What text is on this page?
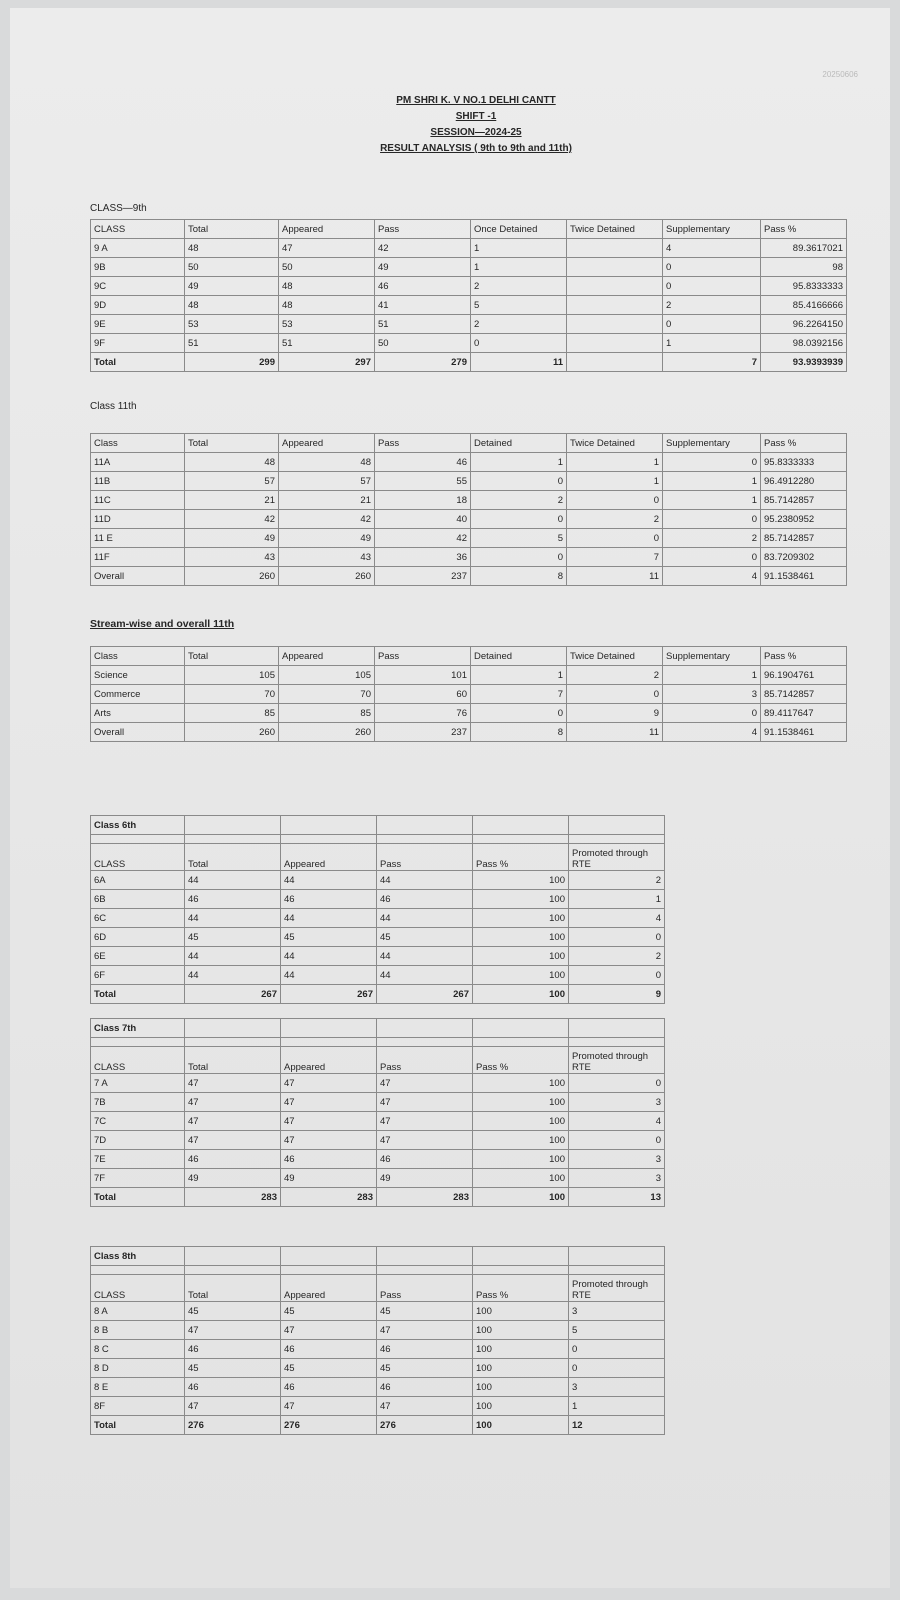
20250606
PM SHRI K. V NO.1 DELHI CANTT
SHIFT -1
SESSION—2024-25
RESULT ANALYSIS ( 9th to 9th and 11th)
CLASS—9th
CLASS	Total	Appeared	Pass	Once Detained	Twice Detained	Supplementary	Pass %
9 A	48	47	42	1		4	89.3617021
9B	50	50	49	1		0	98
9C	49	48	46	2		0	95.8333333
9D	48	48	41	5		2	85.4166666
9E	53	53	51	2		0	96.2264150
9F	51	51	50	0		1	98.0392156
Total	299	297	279	11		7	93.9393939
Class 11th
Class	Total	Appeared	Pass	Detained	Twice Detained	Supplementary	Pass %
11A	48	48	46	1	1	0	95.8333333
11B	57	57	55	0	1	1	96.4912280
11C	21	21	18	2	0	1	85.7142857
11D	42	42	40	0	2	0	95.2380952
11 E	49	49	42	5	0	2	85.7142857
11F	43	43	36	0	7	0	83.7209302
Overall	260	260	237	8	11	4	91.1538461
Stream-wise and overall 11th
Class	Total	Appeared	Pass	Detained	Twice Detained	Supplementary	Pass %
Science	105	105	101	1	2	1	96.1904761
Commerce	70	70	60	7	0	3	85.7142857
Arts	85	85	76	0	9	0	89.4117647
Overall	260	260	237	8	11	4	91.1538461
Class 6th					

CLASS	Total	Appeared	Pass	Pass %	Promoted through RTE
6A	44	44	44	100	2
6B	46	46	46	100	1
6C	44	44	44	100	4
6D	45	45	45	100	0
6E	44	44	44	100	2
6F	44	44	44	100	0
Total	267	267	267	100	9
Class 7th					

CLASS	Total	Appeared	Pass	Pass %	Promoted through RTE
7 A	47	47	47	100	0
7B	47	47	47	100	3
7C	47	47	47	100	4
7D	47	47	47	100	0
7E	46	46	46	100	3
7F	49	49	49	100	3
Total	283	283	283	100	13
Class 8th					

CLASS	Total	Appeared	Pass	Pass %	Promoted through RTE
8 A	45	45	45	100	3
8 B	47	47	47	100	5
8 C	46	46	46	100	0
8 D	45	45	45	100	0
8 E	46	46	46	100	3
8F	47	47	47	100	1
Total	276	276	276	100	12
